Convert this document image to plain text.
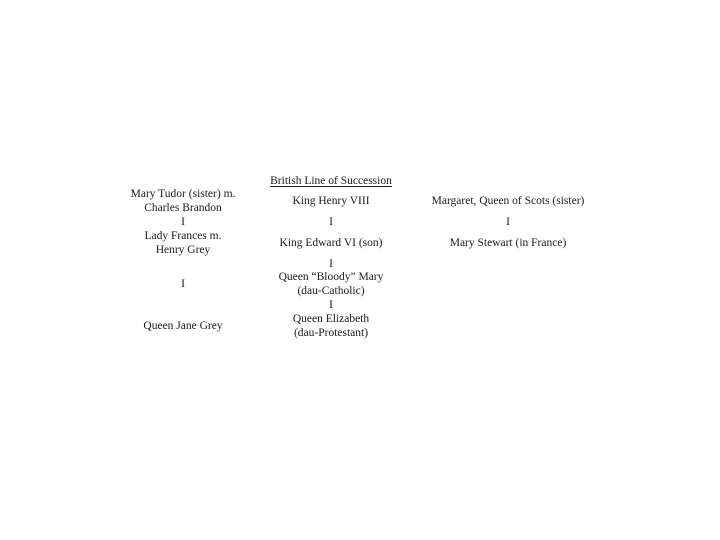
British Line of Succession
Mary Tudor (sister) m.
Charles Brandon
I
Lady Frances m.
Henry Grey
I
Queen Jane Grey
King Henry VIII
I
King Edward VI (son)
I
Queen “Bloody” Mary
(dau-Catholic)
I
Queen Elizabeth
(dau-Protestant)
Margaret, Queen of Scots (sister)
I
Mary Stewart (in France)
